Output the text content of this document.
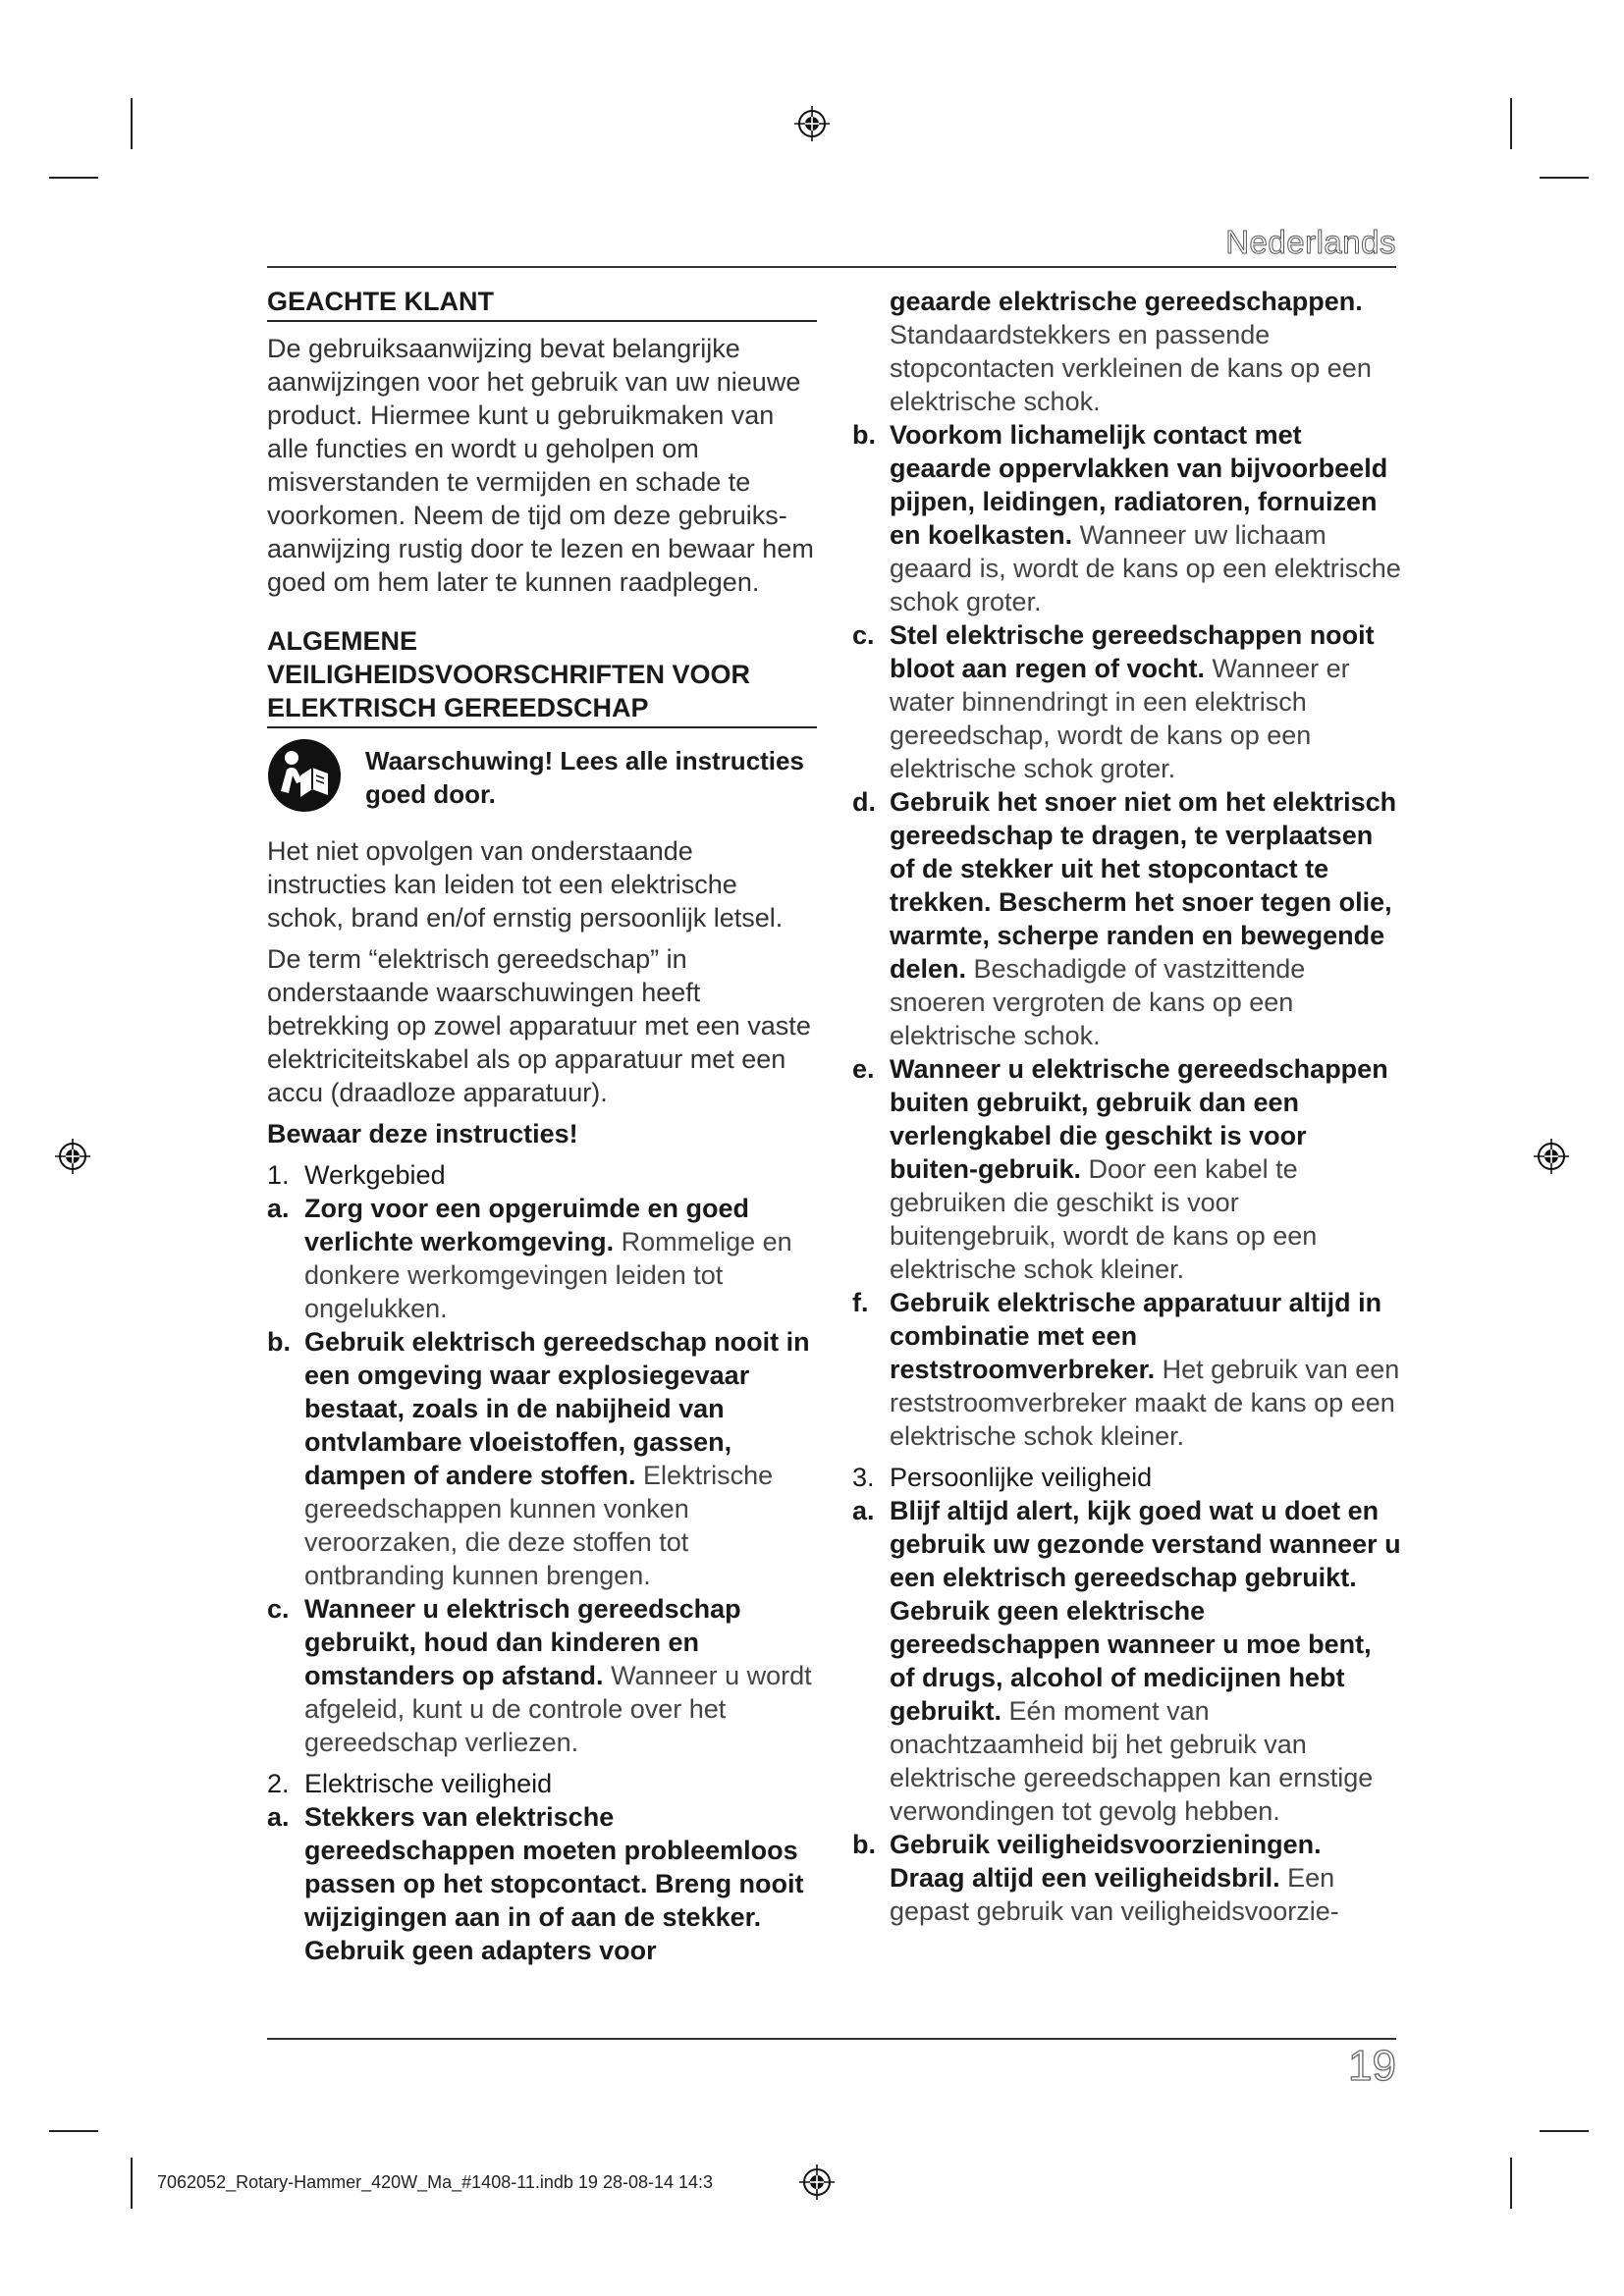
Nederlands
GEACHTE KLANT

De gebruiksaanwijzing bevat belangrijke aanwijzingen voor het gebruik van uw nieuwe product. Hiermee kunt u gebruikmaken van alle functies en wordt u geholpen om misverstanden te vermijden en schade te voorkomen. Neem de tijd om deze gebruiks-aanwijzing rustig door te lezen en bewaar hem goed om hem later te kunnen raadplegen.

ALGEMENE VEILIGHEIDSVOORSCHRIFTEN VOOR ELEKTRISCH GEREEDSCHAP
Waarschuwing! Lees alle instructies goed door.

Het niet opvolgen van onderstaande instructies kan leiden tot een elektrische schok, brand en/of ernstig persoonlijk letsel.

De term “elektrisch gereedschap” in onderstaande waarschuwingen heeft betrekking op zowel apparatuur met een vaste elektriciteitskabel als op apparatuur met een accu (draadloze apparatuur).

Bewaar deze instructies!

1. Werkgebied
a. Zorg voor een opgeruimde en goed verlichte werkomgeving. Rommelige en donkere werkomgevingen leiden tot ongelukken.
b. Gebruik elektrisch gereedschap nooit in een omgeving waar explosiegevaar bestaat, zoals in de nabijheid van ontvlambare vloeistoffen, gassen, dampen of andere stoffen. Elektrische gereedschappen kunnen vonken veroorzaken, die deze stoffen tot ontbranding kunnen brengen.
c. Wanneer u elektrisch gereedschap gebruikt, houd dan kinderen en omstanders op afstand. Wanneer u wordt afgeleid, kunt u de controle over het gereedschap verliezen.
2. Elektrische veiligheid
a. Stekkers van elektrische gereedschappen moeten probleemloos passen op het stopcontact. Breng nooit wijzigingen aan in of aan de stekker. Gebruik geen adapters voor
geaarde elektrische gereedschappen. Standaardstekkers en passende stopcontacten verkleinen de kans op een elektrische schok.
b. Voorkom lichamelijk contact met geaarde oppervlakken van bijvoorbeeld pijpen, leidingen, radiatoren, fornuizen en koelkasten. Wanneer uw lichaam geaard is, wordt de kans op een elektrische schok groter.
c. Stel elektrische gereedschappen nooit bloot aan regen of vocht. Wanneer er water binnendringt in een elektrisch gereedschap, wordt de kans op een elektrische schok groter.
d. Gebruik het snoer niet om het elektrisch gereedschap te dragen, te verplaatsen of de stekker uit het stopcontact te trekken. Bescherm het snoer tegen olie, warmte, scherpe randen en bewegende delen. Beschadigde of vastzittende snoeren vergroten de kans op een elektrische schok.
e. Wanneer u elektrische gereedschappen buiten gebruikt, gebruik dan een verlengkabel die geschikt is voor buiten-gebruik. Door een kabel te gebruiken die geschikt is voor buitengebruik, wordt de kans op een elektrische schok kleiner.
f. Gebruik elektrische apparatuur altijd in combinatie met een reststroomverbreker. Het gebruik van een reststroomverbreker maakt de kans op een elektrische schok kleiner.
3. Persoonlijke veiligheid
a. Blijf altijd alert, kijk goed wat u doet en gebruik uw gezonde verstand wanneer u een elektrisch gereedschap gebruikt. Gebruik geen elektrische gereedschappen wanneer u moe bent, of drugs, alcohol of medicijnen hebt gebruikt. Eén moment van onachtzaamheid bij het gebruik van elektrische gereedschappen kan ernstige verwondingen tot gevolg hebben.
b. Gebruik veiligheidsvoorzieningen. Draag altijd een veiligheidsbril. Een gepast gebruik van veiligheidsvoorzie-
19
7062052_Rotary-Hammer_420W_Ma_#1408-11.indb 19 28-08-14 14:3
